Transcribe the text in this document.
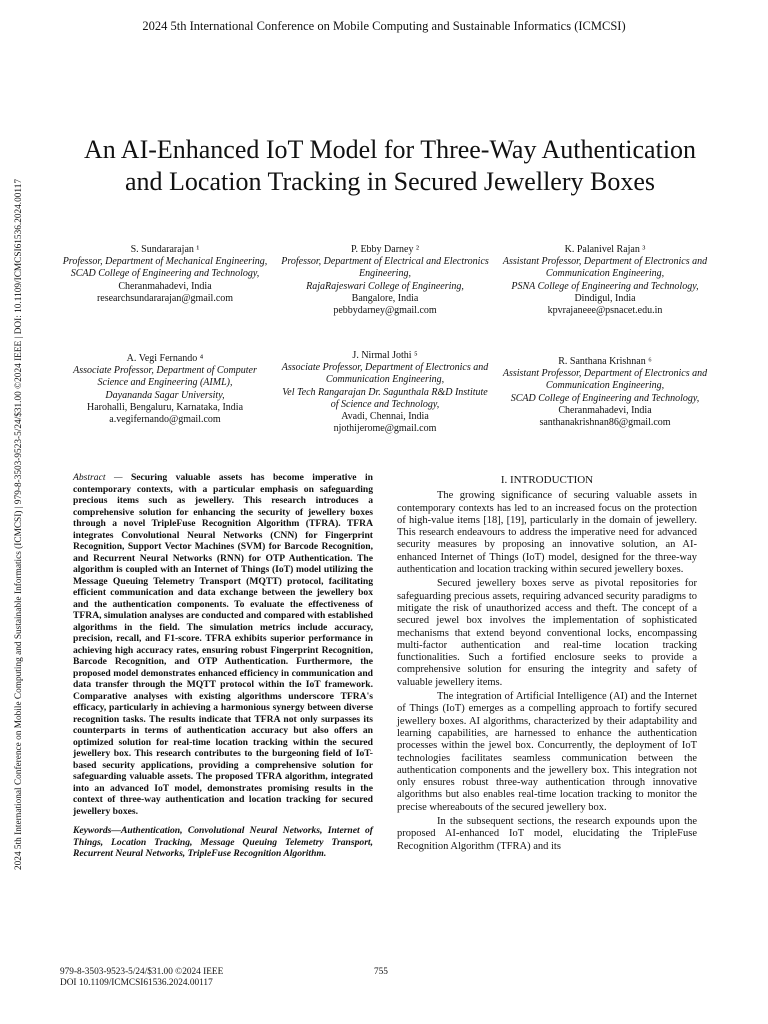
2024 5th International Conference on Mobile Computing and Sustainable Informatics (ICMCSI)
2024 5th International Conference on Mobile Computing and Sustainable Informatics (ICMCSI) | 979-8-3503-9523-5/24/$31.00 ©2024 IEEE | DOI: 10.1109/ICMCSI61536.2024.00117
An AI-Enhanced IoT Model for Three-Way Authentication and Location Tracking in Secured Jewellery Boxes
S. Sundararajan ¹
Professor, Department of Mechanical Engineering,
SCAD College of Engineering and Technology,
Cheranmahadevi, India
researchsundararajan@gmail.com
P. Ebby Darney ²
Professor, Department of Electrical and Electronics Engineering,
RajaRajeswari College of Engineering,
Bangalore, India
pebbydarney@gmail.com
K. Palanivel Rajan ³
Assistant Professor, Department of Electronics and Communication Engineering,
PSNA College of Engineering and Technology,
Dindigul, India
kpvrajaneee@psnacet.edu.in
A. Vegi Fernando ⁴
Associate Professor, Department of Computer Science and Engineering (AIML),
Dayananda Sagar University,
Harohalli, Bengaluru, Karnataka, India
a.vegifernando@gmail.com
J. Nirmal Jothi ⁵
Associate Professor, Department of Electronics and Communication Engineering,
Vel Tech Rangarajan Dr. Sagunthala R&D Institute of Science and Technology,
Avadi, Chennai, India
njothijerome@gmail.com
R. Santhana Krishnan ⁶
Assistant Professor, Department of Electronics and Communication Engineering,
SCAD College of Engineering and Technology,
Cheranmahadevi, India
santhanakrishnan86@gmail.com
Abstract — Securing valuable assets has become imperative in contemporary contexts, with a particular emphasis on safeguarding precious items such as jewellery. This research introduces a comprehensive solution for enhancing the security of jewellery boxes through a novel TripleFuse Recognition Algorithm (TFRA). TFRA integrates Convolutional Neural Networks (CNN) for Fingerprint Recognition, Support Vector Machines (SVM) for Barcode Recognition, and Recurrent Neural Networks (RNN) for OTP Authentication. The algorithm is coupled with an Internet of Things (IoT) model utilizing the Message Queuing Telemetry Transport (MQTT) protocol, facilitating efficient communication and data exchange between the jewellery box and the authentication components. To evaluate the effectiveness of TFRA, simulation analyses are conducted and compared with established algorithms in the field. The simulation metrics include accuracy, precision, recall, and F1-score. TFRA exhibits superior performance in achieving high accuracy rates, ensuring robust Fingerprint Recognition, Barcode Recognition, and OTP Authentication. Furthermore, the proposed model demonstrates enhanced efficiency in communication and data transfer through the MQTT protocol within the IoT framework. Comparative analyses with existing algorithms underscore TFRA's efficacy, particularly in achieving a harmonious synergy between diverse recognition tasks. The results indicate that TFRA not only surpasses its counterparts in terms of authentication accuracy but also offers an optimized solution for real-time location tracking within the secured jewellery box. This research contributes to the burgeoning field of IoT-based security applications, providing a comprehensive solution for safeguarding valuable assets. The proposed TFRA algorithm, integrated into an advanced IoT model, demonstrates promising results in the context of three-way authentication and location tracking for secured jewellery boxes.
Keywords—Authentication, Convolutional Neural Networks, Internet of Things, Location Tracking, Message Queuing Telemetry Transport, Recurrent Neural Networks, TripleFuse Recognition Algorithm.
I. INTRODUCTION

The growing significance of securing valuable assets in contemporary contexts has led to an increased focus on the protection of high-value items [18], [19], particularly in the domain of jewellery. This research endeavours to address the imperative need for advanced security measures by proposing an innovative solution, an AI-enhanced Internet of Things (IoT) model, designed for the three-way authentication and location tracking within secured jewellery boxes.

Secured jewellery boxes serve as pivotal repositories for safeguarding precious assets, requiring advanced security paradigms to mitigate the risk of unauthorized access and theft. The concept of a secured jewel box involves the implementation of sophisticated mechanisms that extend beyond conventional locks, encompassing multi-factor authentication and real-time location tracking functionalities. Such a fortified enclosure seeks to provide a comprehensive solution for ensuring the integrity and safety of valuable jewellery items.

The integration of Artificial Intelligence (AI) and the Internet of Things (IoT) emerges as a compelling approach to fortify secured jewellery boxes. AI algorithms, characterized by their adaptability and learning capabilities, are harnessed to enhance the authentication processes within the jewel box. Concurrently, the deployment of IoT technologies facilitates seamless communication between the authentication components and the jewellery box. This integration not only ensures robust three-way authentication through innovative algorithms but also enables real-time location tracking to monitor the precise whereabouts of the secured jewellery box.

In the subsequent sections, the research expounds upon the proposed AI-enhanced IoT model, elucidating the TripleFuse Recognition Algorithm (TFRA) and its

979-8-3503-9523-5/24/$31.00 ©2024 IEEE
DOI 10.1109/ICMCSI61536.2024.00117
755
